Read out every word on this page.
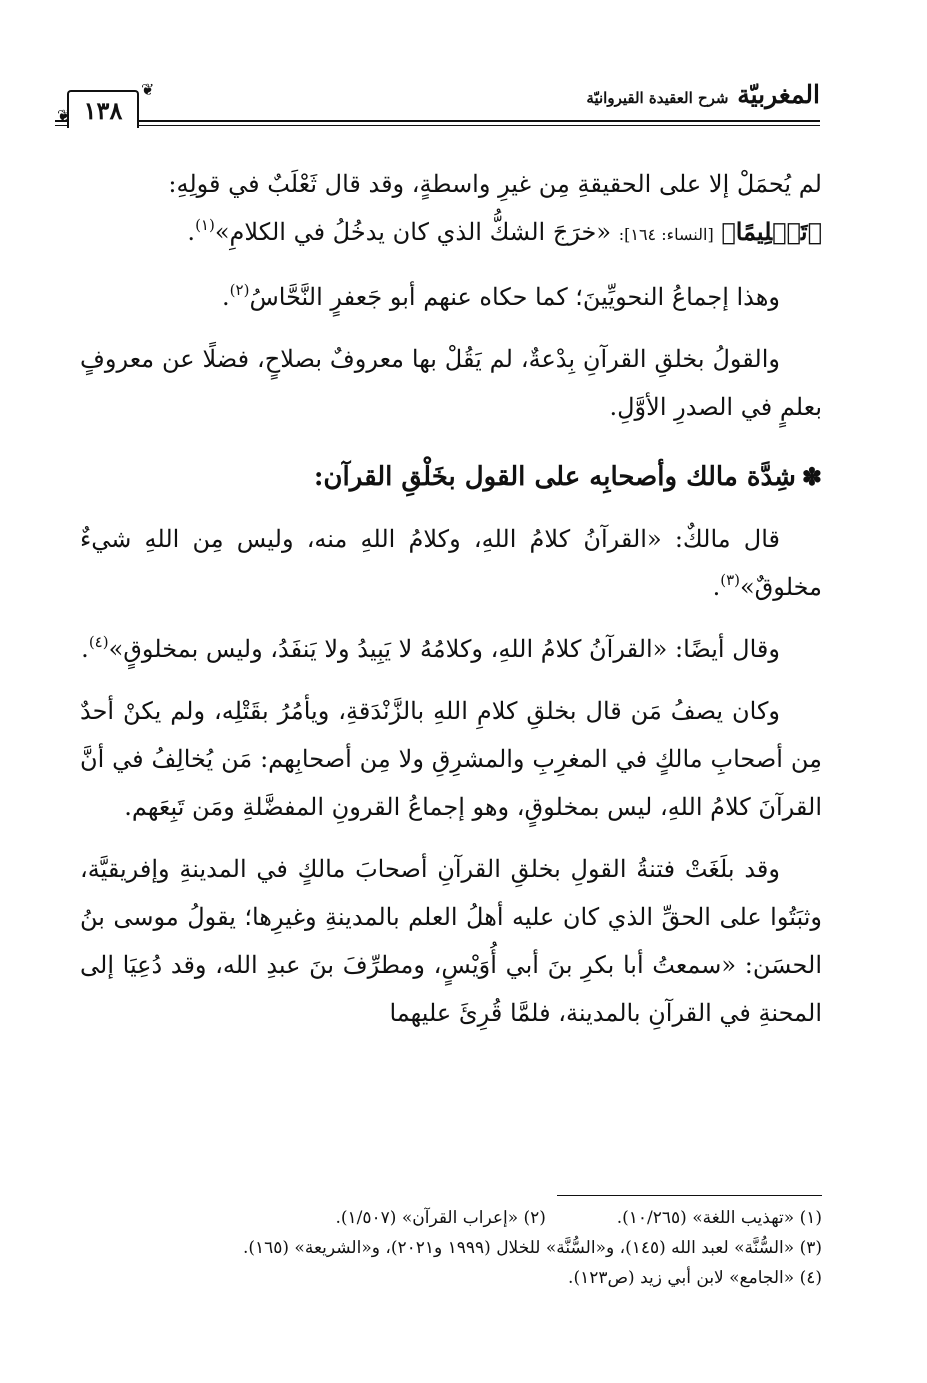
المغربيّة شرح العقيدة القيروانيّة
١٣٨
❦
❦

لم يُحمَلْ إلا على الحقيقةِ مِن غيرِ واسطةٍ، وقد قال ثَعْلَبٌ في قولِهِ:
﴿تَكۡلِيمًا﴾ [النساء: ١٦٤]: «خرَجَ الشكُّ الذي كان يدخُلُ في الكلامِ»$^{(١)}$.

وهذا إجماعُ النحويِّينَ؛ كما حكاه عنهم أبو جَعفرٍ النَّحَّاسُ$^{(٢)}$.

والقولُ بخلقِ القرآنِ بِدْعةٌ، لم يَقُلْ بها معروفٌ بصلاحٍ، فضلًا عن معروفٍ بعلمٍ في الصدرِ الأوَّلِ.

✽شِدَّة مالك وأصحابِه على القول بخَلْقِ القرآن:

قال مالكٌ: «القرآنُ كلامُ اللهِ، وكلامُ اللهِ منه، وليس مِن اللهِ شيءٌ مخلوقٌ»$^{(٣)}$.

وقال أيضًا: «القرآنُ كلامُ اللهِ، وكلامُهُ لا يَبِيدُ ولا يَنفَدُ، وليس بمخلوقٍ»$^{(٤)}$.

وكان يصفُ مَن قال بخلقِ كلامِ اللهِ بالزَّنْدَقةِ، ويأمُرُ بقَتْلِه، ولم يكنْ أحدٌ مِن أصحابِ مالكٍ في المغرِبِ والمشرِقِ ولا مِن أصحابِهم: مَن يُخالِفُ في أنَّ القرآنَ كلامُ اللهِ، ليس بمخلوقٍ، وهو إجماعُ القرونِ المفضَّلةِ ومَن تَبِعَهم.

وقد بلَغَتْ فتنةُ القولِ بخلقِ القرآنِ أصحابَ مالكٍ في المدينةِ وإفريقيَّة، وثبَتُوا على الحقِّ الذي كان عليه أهلُ العلم بالمدينةِ وغيرِها؛ يقولُ موسى بنُ الحسَن: «سمعتُ أبا بكرِ بنَ أبي أُوَيْسٍ، ومطرِّفَ بنَ عبدِ الله، وقد دُعِيَا إلى المحنةِ في القرآنِ بالمدينة، فلمَّا قُرِئَ عليهما

(١) «تهذيب اللغة» (١٠/٢٦٥).  (٢) «إعراب القرآن» (١/٥٠٧).
(٣) «السُّنَّة» لعبد الله (١٤٥)، و«السُّنَّة» للخلال (١٩٩٩ و٢٠٢١)، و«الشريعة» (١٦٥).
(٤) «الجامع» لابن أبي زيد (ص١٢٣).
